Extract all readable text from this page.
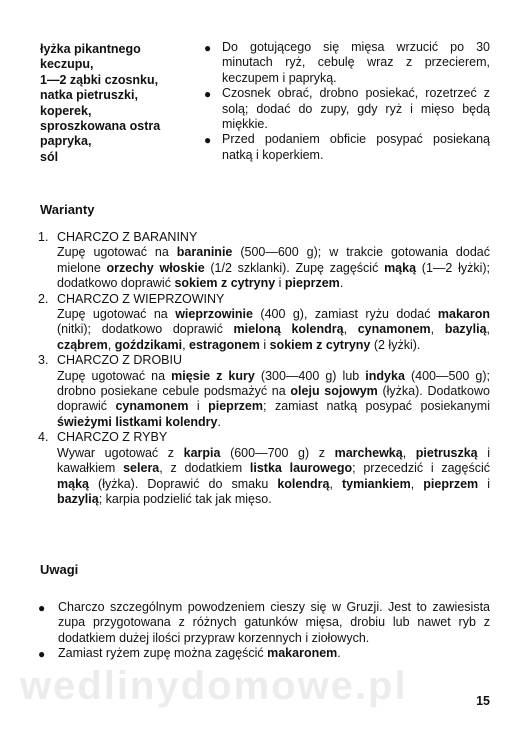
łyżka pikantnego
keczupu,
1—2 ząbki czosnku,
natka pietruszki,
koperek,
sproszkowana ostra
papryka,
sól
● Do gotującego się mięsa wrzucić po 30 minutach ryż, cebulę wraz z przecierem, keczupem i papryką.
● Czosnek obrać, drobno posiekać, rozetrzeć z solą; dodać do zupy, gdy ryż i mięso będą miękkie.
● Przed podaniem obficie posypać posiekaną natką i koperkiem.
Warianty
1. CHARCZO Z BARANINY
Zupę ugotować na baraninie (500—600 g); w trakcie gotowania dodać mielone orzechy włoskie (1/2 szklanki). Zupę zagęścić mąką (1—2 łyżki); dodatkowo doprawić sokiem z cytryny i pieprzem.
2. CHARCZO Z WIEPRZOWINY
Zupę ugotować na wieprzowinie (400 g), zamiast ryżu dodać makaron (nitki); dodatkowo doprawić mieloną kolendrą, cynamonem, bazylią, cząbrem, goździkami, estragonem i sokiem z cytryny (2 łyżki).
3. CHARCZO Z DROBIU
Zupę ugotować na mięsie z kury (300—400 g) lub indyka (400—500 g); drobno posiekane cebule podsmażyć na oleju sojowym (łyżka). Dodatkowo doprawić cynamonem i pieprzem; zamiast natką posypać posiekanymi świeżymi listkami kolendry.
4. CHARCZO Z RYBY
Wywar ugotować z karpia (600—700 g) z marchewką, pietruszką i kawałkiem selera, z dodatkiem listka laurowego; przecedzić i zagęścić mąką (łyżka). Doprawić do smaku kolendrą, tymiankiem, pieprzem i bazylią; karpia podzielić tak jak mięso.
Uwagi
● Charczo szczególnym powodzeniem cieszy się w Gruzji. Jest to zawiesista zupa przygotowana z różnych gatunków mięsa, drobiu lub nawet ryb z dodatkiem dużej ilości przypraw korzennych i ziołowych.
● Zamiast ryżem zupę można zagęścić makaronem.
wedlinydomowe.pl	15
